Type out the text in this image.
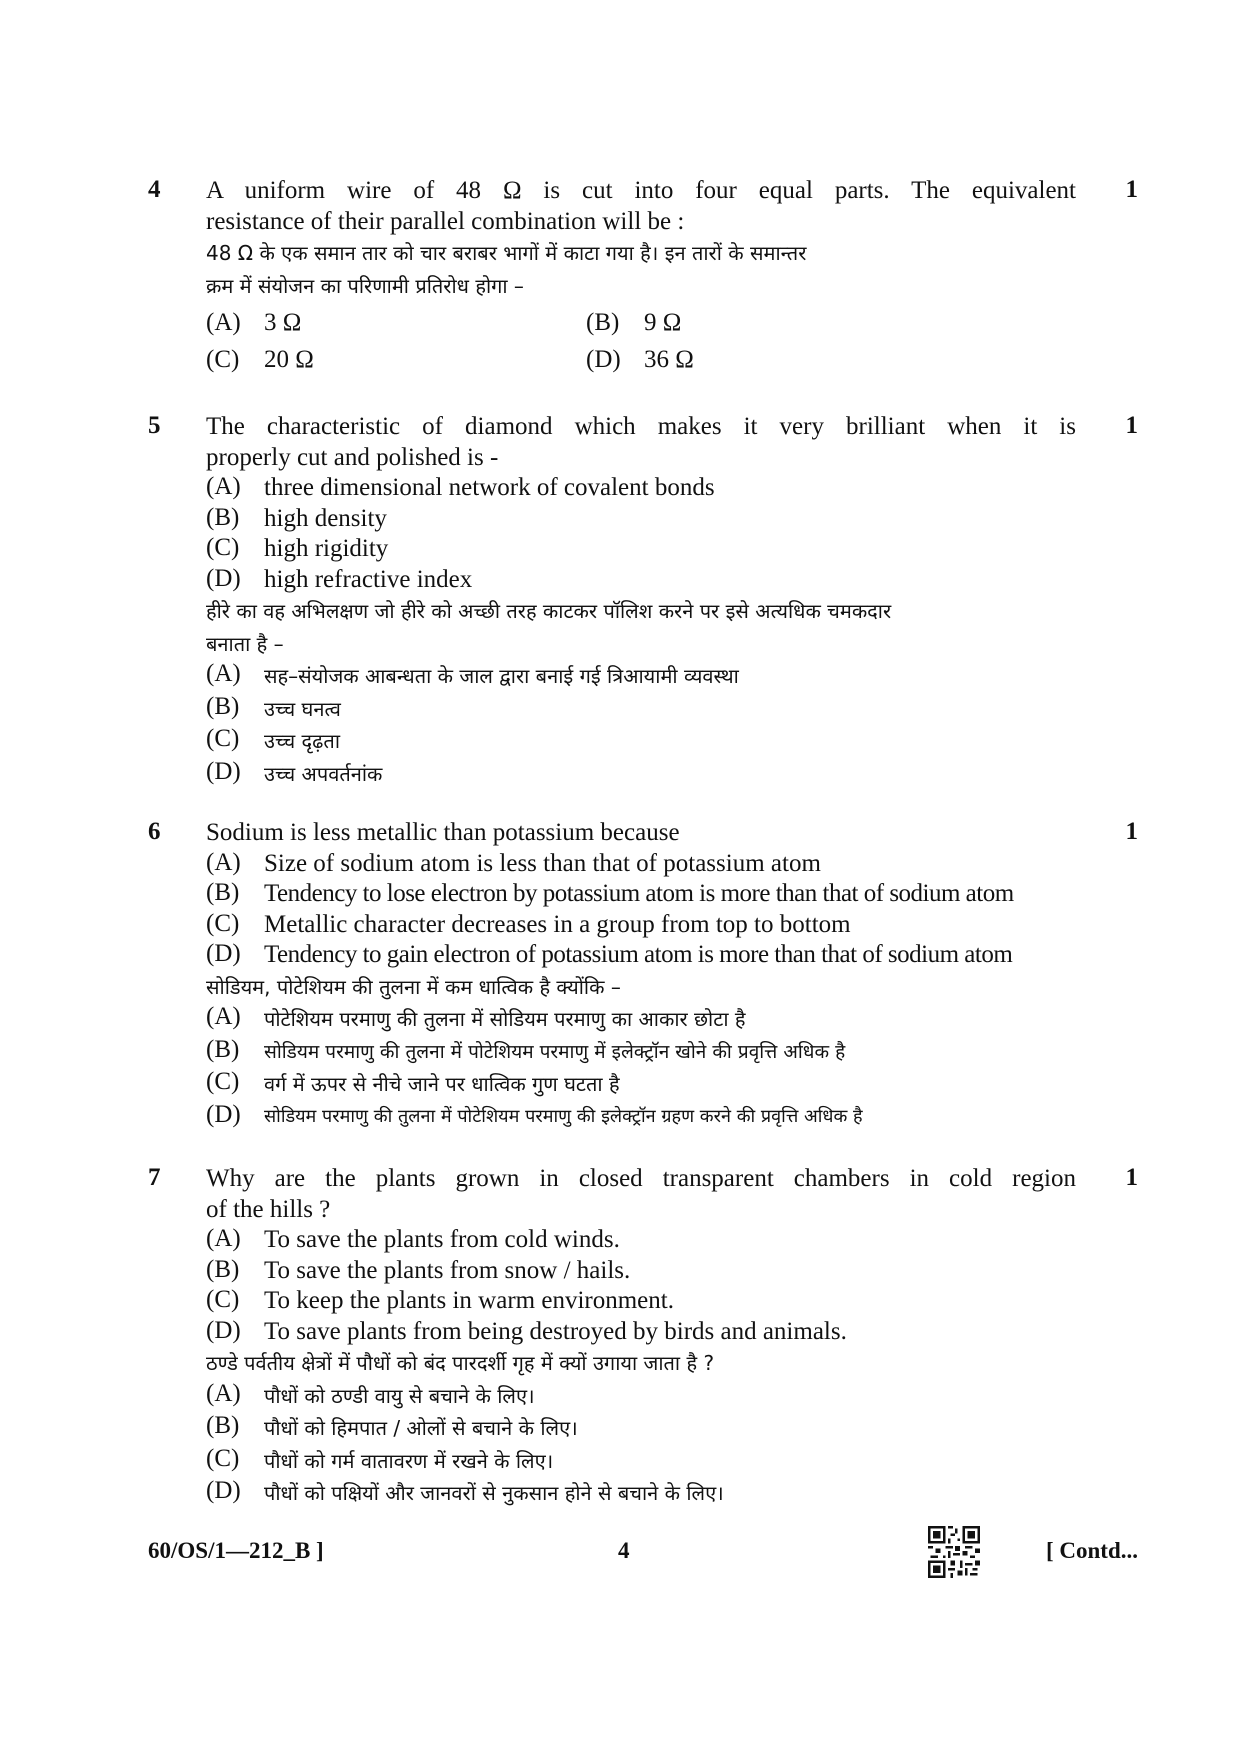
4	1
A uniform wire of 48 Ω is cut into four equal parts. The equivalent
resistance of their parallel combination will be :
48 Ω के एक समान तार को चार बराबर भागों में काटा गया है। इन तारों के समान्तर
क्रम में संयोजन का परिणामी प्रतिरोध होगा –
(A) 3 Ω	(B) 9 Ω
(C) 20 Ω	(D) 36 Ω
5	1
The characteristic of diamond which makes it very brilliant when it is
properly cut and polished is -
(A) three dimensional network of covalent bonds
(B) high density
(C) high rigidity
(D) high refractive index
हीरे का वह अभिलक्षण जो हीरे को अच्छी तरह काटकर पॉलिश करने पर इसे अत्यधिक चमकदार
बनाता है –
(A)	सह–संयोजक आबन्धता के जाल द्वारा बनाई गई त्रिआयामी व्यवस्था
(B)	उच्च घनत्व
(C)	उच्च दृढ़ता
(D)	उच्च अपवर्तनांक
6	1
Sodium is less metallic than potassium because
(A) Size of sodium atom is less than that of potassium atom
(B) Tendency to lose electron by potassium atom is more than that of sodium atom
(C) Metallic character decreases in a group from top to bottom
(D) Tendency to gain electron of potassium atom is more than that of sodium atom
सोडियम, पोटेशियम की तुलना में कम धात्विक है क्योंकि –
(A)	पोटेशियम परमाणु की तुलना में सोडियम परमाणु का आकार छोटा है
(B)	सोडियम परमाणु की तुलना में पोटेशियम परमाणु में इलेक्ट्रॉन खोने की प्रवृत्ति अधिक है
(C)	वर्ग में ऊपर से नीचे जाने पर धात्विक गुण घटता है
(D)	सोडियम परमाणु की तुलना में पोटेशियम परमाणु की इलेक्ट्रॉन ग्रहण करने की प्रवृत्ति अधिक है
7	1
Why are the plants grown in closed transparent chambers in cold region
of the hills ?
(A) To save the plants from cold winds.
(B) To save the plants from snow / hails.
(C) To keep the plants in warm environment.
(D) To save plants from being destroyed by birds and animals.
ठण्डे पर्वतीय क्षेत्रों में पौधों को बंद पारदर्शी गृह में क्यों उगाया जाता है ?
(A)	पौधों को ठण्डी वायु से बचाने के लिए।
(B)	पौधों को हिमपात / ओलों से बचाने के लिए।
(C)	पौधों को गर्म वातावरण में रखने के लिए।
(D)	पौधों को पक्षियों और जानवरों से नुकसान होने से बचाने के लिए।
60/OS/1—212_B ]	4	[ Contd...
